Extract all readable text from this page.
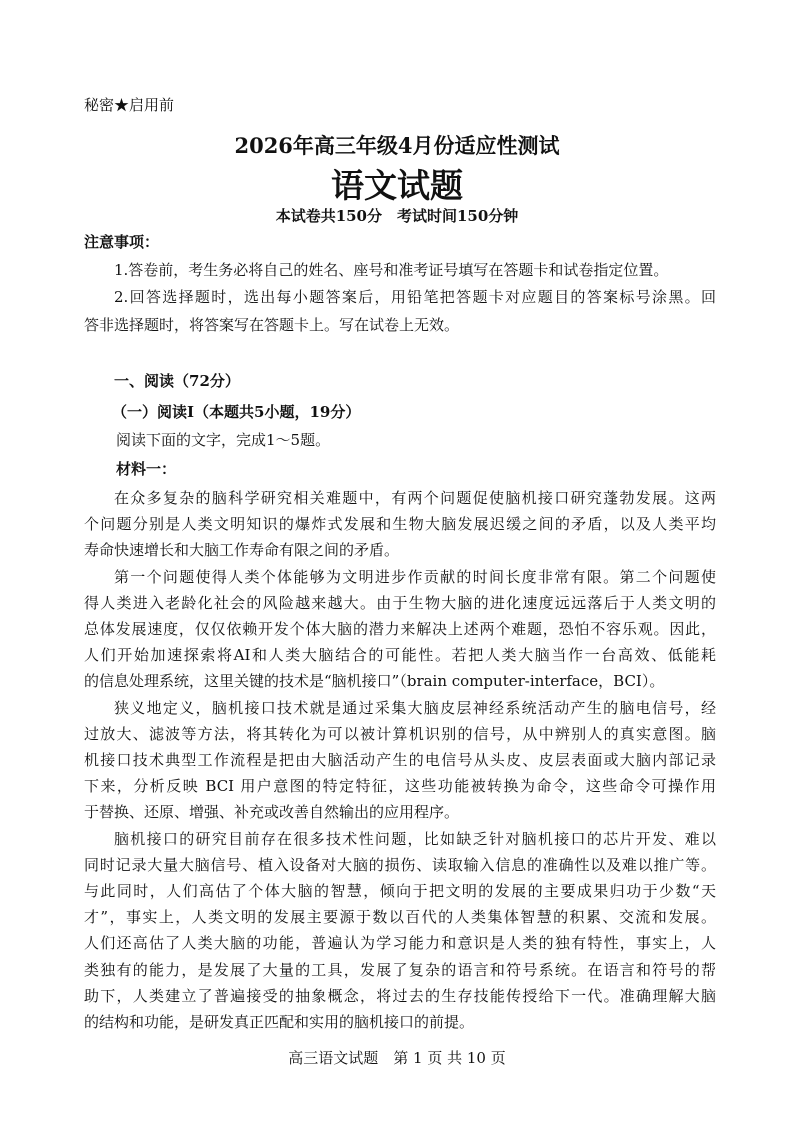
秘密★启用前
2026年高三年级4月份适应性测试
语文试题
本试卷共150分　考试时间150分钟
注意事项：
1.答卷前，考生务必将自己的姓名、座号和准考证号填写在答题卡和试卷指定位置。
2.回答选择题时，选出每小题答案后，用铅笔把答题卡对应题目的答案标号涂黑。回
答非选择题时，将答案写在答题卡上。写在试卷上无效。
一、阅读（72分）
（一）阅读Ⅰ（本题共5小题，19分）
阅读下面的文字，完成1～5题。
材料一：
在众多复杂的脑科学研究相关难题中，有两个问题促使脑机接口研究蓬勃发展。这两
个问题分别是人类文明知识的爆炸式发展和生物大脑发展迟缓之间的矛盾，以及人类平均
寿命快速增长和大脑工作寿命有限之间的矛盾。
第一个问题使得人类个体能够为文明进步作贡献的时间长度非常有限。第二个问题使
得人类进入老龄化社会的风险越来越大。由于生物大脑的进化速度远远落后于人类文明的
总体发展速度，仅仅依赖开发个体大脑的潜力来解决上述两个难题，恐怕不容乐观。因此，
人们开始加速探索将AI和人类大脑结合的可能性。若把人类大脑当作一台高效、低能耗
的信息处理系统，这里关键的技术是“脑机接口”（brain computer-interface，BCI）。
狭义地定义，脑机接口技术就是通过采集大脑皮层神经系统活动产生的脑电信号，经
过放大、滤波等方法，将其转化为可以被计算机识别的信号，从中辨别人的真实意图。脑
机接口技术典型工作流程是把由大脑活动产生的电信号从头皮、皮层表面或大脑内部记录
下来，分析反映 BCI 用户意图的特定特征，这些功能被转换为命令，这些命令可操作用
于替换、还原、增强、补充或改善自然输出的应用程序。
脑机接口的研究目前存在很多技术性问题，比如缺乏针对脑机接口的芯片开发、难以
同时记录大量大脑信号、植入设备对大脑的损伤、读取输入信息的准确性以及难以推广等。
与此同时，人们高估了个体大脑的智慧，倾向于把文明的发展的主要成果归功于少数“天
才”，事实上，人类文明的发展主要源于数以百代的人类集体智慧的积累、交流和发展。
人们还高估了人类大脑的功能，普遍认为学习能力和意识是人类的独有特性，事实上，人
类独有的能力，是发展了大量的工具，发展了复杂的语言和符号系统。在语言和符号的帮
助下，人类建立了普遍接受的抽象概念，将过去的生存技能传授给下一代。准确理解大脑
的结构和功能，是研发真正匹配和实用的脑机接口的前提。
高三语文试题　第 1 页 共 10 页
